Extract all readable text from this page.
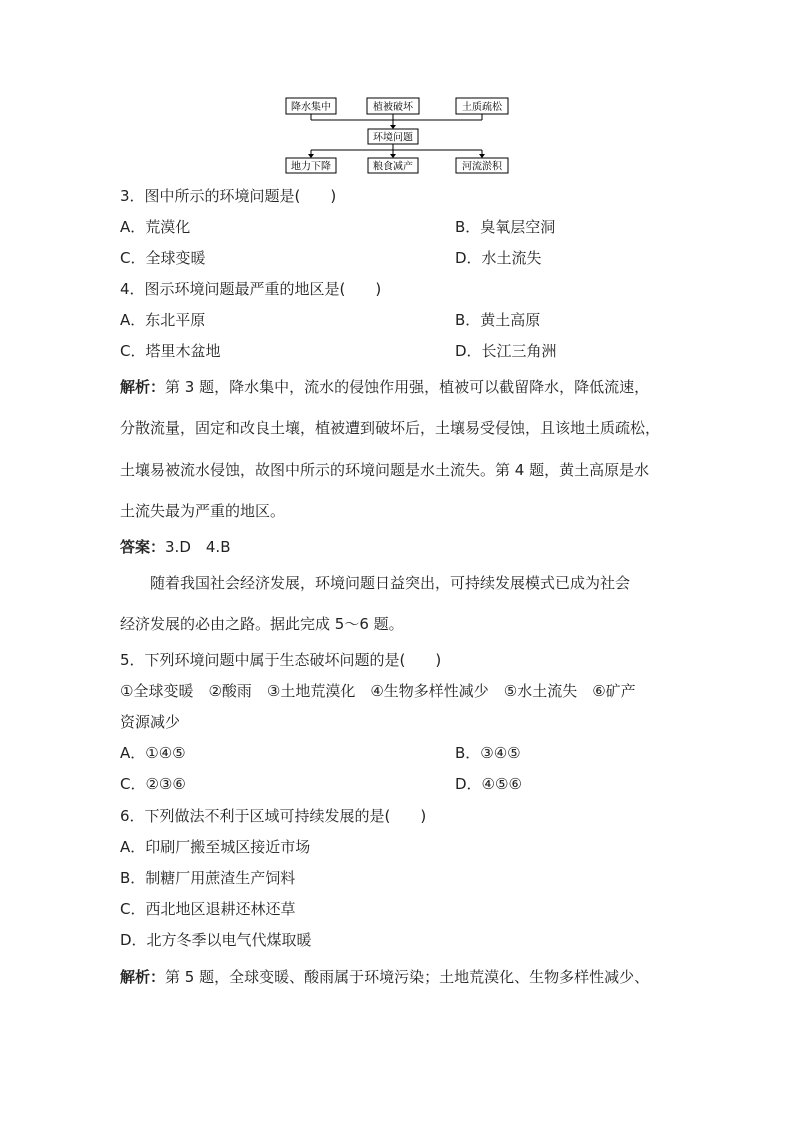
降水集中	植被破坏	土质疏松
环境问题
地力下降	粮食减产	河流淤积
3．图中所示的环境问题是(　　)
A．荒漠化	B．臭氧层空洞
C．全球变暖	D．水土流失
4．图示环境问题最严重的地区是(　　)
A．东北平原	B．黄土高原
C．塔里木盆地	D．长江三角洲
解析：第 3 题，降水集中，流水的侵蚀作用强，植被可以截留降水，降低流速，
分散流量，固定和改良土壤，植被遭到破坏后，土壤易受侵蚀，且该地土质疏松，
土壤易被流水侵蚀，故图中所示的环境问题是水土流失。第 4 题，黄土高原是水
土流失最为严重的地区。
答案：3.D　4.B
随着我国社会经济发展，环境问题日益突出，可持续发展模式已成为社会
经济发展的必由之路。据此完成 5～6 题。
5．下列环境问题中属于生态破坏问题的是(　　)
①全球变暖　②酸雨　③土地荒漠化　④生物多样性减少　⑤水土流失　⑥矿产
资源减少
A．①④⑤	B．③④⑤
C．②③⑥	D．④⑤⑥
6．下列做法不利于区域可持续发展的是(　　)
A．印刷厂搬至城区接近市场
B．制糖厂用蔗渣生产饲料
C．西北地区退耕还林还草
D．北方冬季以电气代煤取暖
解析：第 5 题，全球变暖、酸雨属于环境污染；土地荒漠化、生物多样性减少、
